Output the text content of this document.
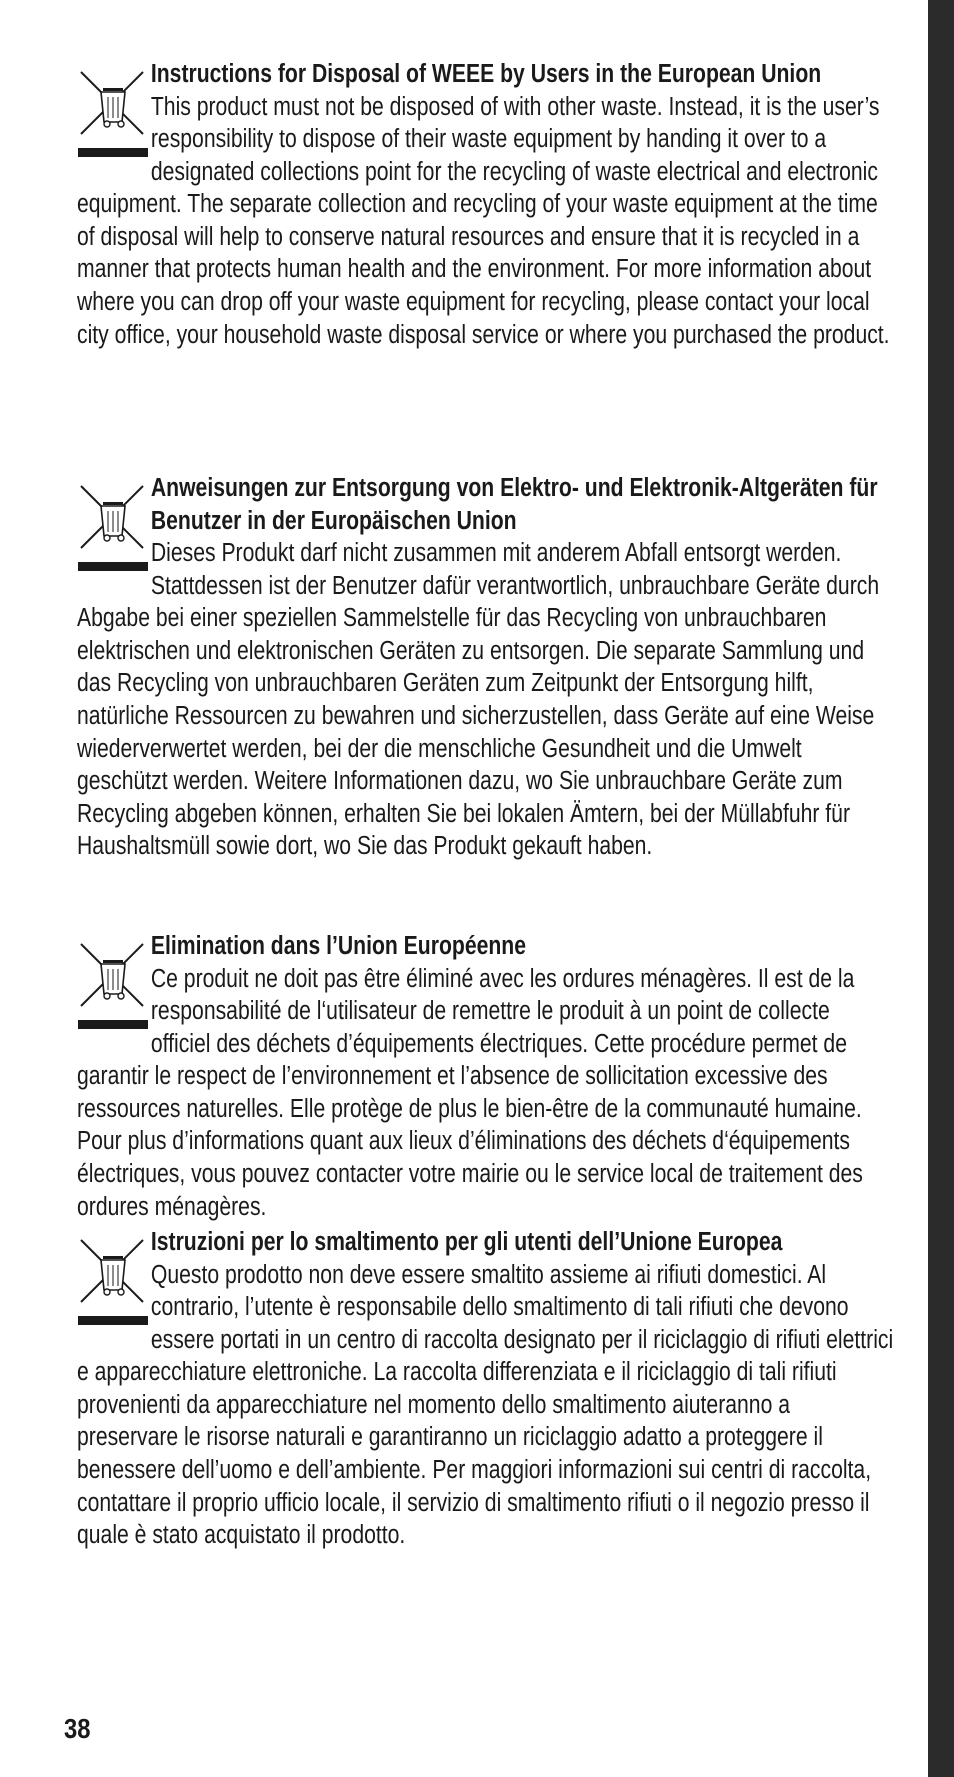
Instructions for Disposal of WEEE by Users in the European Union

This product must not be disposed of with other waste. Instead, it is the user’s responsibility to dispose of their waste equipment by handing it over to a designated collections point for the recycling of waste electrical and electronic equipment. The separate collection and recycling of your waste equipment at the time of disposal will help to conserve natural resources and ensure that it is recycled in a manner that protects human health and the environment. For more information about where you can drop off your waste equipment for recycling, please contact your local city office, your household waste disposal service or where you purchased the product.

Anweisungen zur Entsorgung von Elektro- und Elektronik-Altgeräten für Benutzer in der Europäischen Union

Dieses Produkt darf nicht zusammen mit anderem Abfall entsorgt werden. Stattdessen ist der Benutzer dafür verantwortlich, unbrauchbare Geräte durch Abgabe bei einer speziellen Sammelstelle für das Recycling von unbrauchbaren elektrischen und elektronischen Geräten zu entsorgen. Die separate Sammlung und das Recycling von unbrauchbaren Geräten zum Zeitpunkt der Entsorgung hilft, natürliche Ressourcen zu bewahren und sicherzustellen, dass Geräte auf eine Weise wiederverwertet werden, bei der die menschliche Gesundheit und die Umwelt geschützt werden. Weitere Informationen dazu, wo Sie unbrauchbare Geräte zum Recycling abgeben können, erhalten Sie bei lokalen Ämtern, bei der Müllabfuhr für Haushaltsmüll sowie dort, wo Sie das Produkt gekauft haben.

Elimination dans l’Union Européenne

Ce produit ne doit pas être éliminé avec les ordures ménagères. Il est de la responsabilité de l‘utilisateur de remettre le produit à un point de collecte officiel des déchets d’équipements électriques. Cette procédure permet de garantir le respect de l’environnement et l’absence de sollicitation excessive des ressources naturelles. Elle protège de plus le bien-être de la communauté humaine. Pour plus d’informations quant aux lieux d’éliminations des déchets d‘équipements électriques, vous pouvez contacter votre mairie ou le service local de traitement des ordures ménagères.

Istruzioni per lo smaltimento per gli utenti dell’Unione Europea

Questo prodotto non deve essere smaltito assieme ai rifiuti domestici. Al contrario, l’utente è responsabile dello smaltimento di tali rifiuti che devono essere portati in un centro di raccolta designato per il riciclaggio di rifiuti elettrici e apparecchiature elettroniche. La raccolta differenziata e il riciclaggio di tali rifiuti provenienti da apparecchiature nel momento dello smaltimento aiuteranno a preservare le risorse naturali e garantiranno un riciclaggio adatto a proteggere il benessere dell’uomo e dell’ambiente. Per maggiori informazioni sui centri di raccolta, contattare il proprio ufficio locale, il servizio di smaltimento rifiuti o il negozio presso il quale è stato acquistato il prodotto.

38
